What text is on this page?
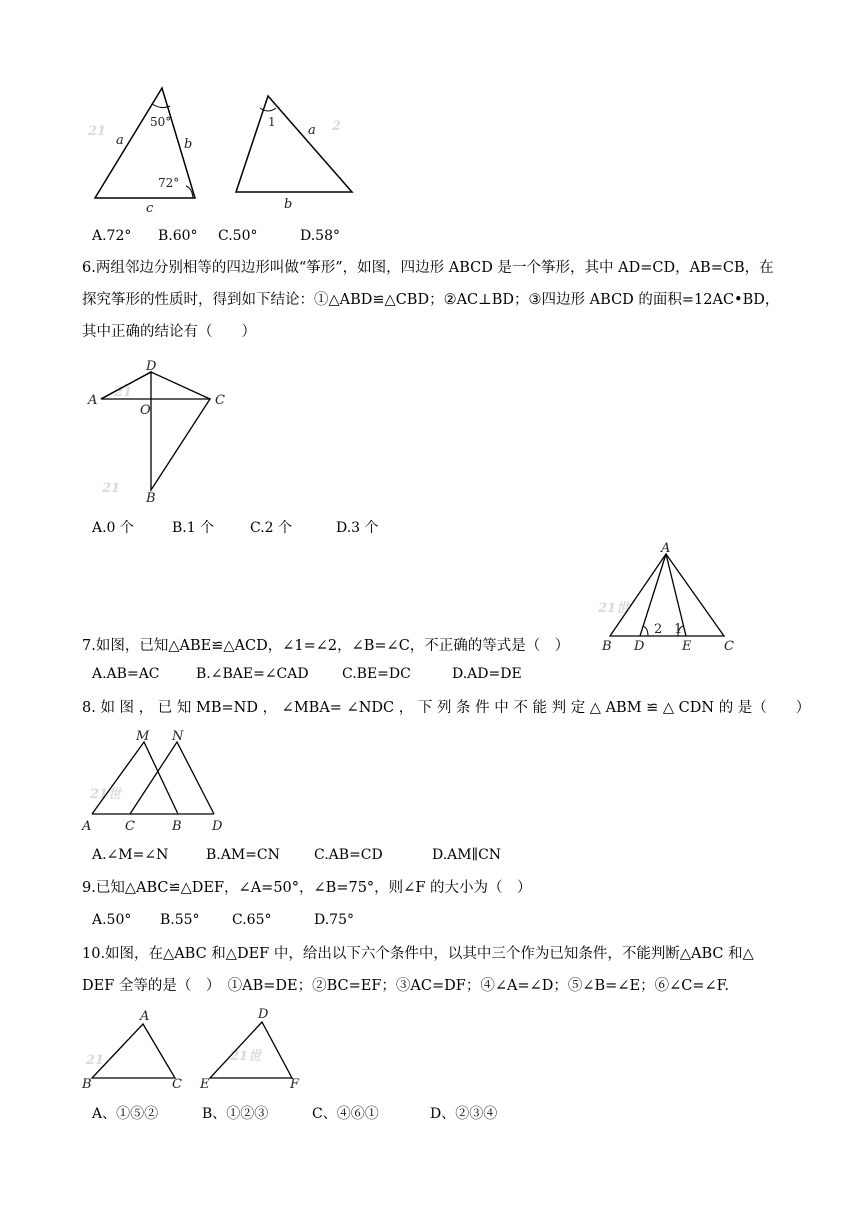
21
a	b
c
50°
72°
2
1
a
b
A.72° B.60° C.50°	D.58°
6.两组邻边分别相等的四边形叫做“筝形”，如图，四边形 ABCD 是一个筝形，其中 AD=CD，AB=CB，在
探究筝形的性质时，得到如下结论：①△ABD≌△CBD；②AC⊥BD；③四边形 ABCD 的面积=12AC•BD，
其中正确的结论有（　　）
21
21
D
A	C
O
B
A.0 个	B.1 个	C.2 个	D.3 个
21世
A
B D	E	C
2 1
7.如图，已知△ABE≌△ACD，∠1=∠2，∠B=∠C，不正确的等式是（　）
A.AB=AC	B.∠BAE=∠CAD C.BE=DC	D.AD=DE
8. 如 图 ， 已 知 MB=ND ， ∠MBA= ∠NDC ， 下 列 条 件 中 不 能 判 定 △ ABM ≌ △ CDN 的 是（　　）
21世
M N
A	C	B D
A.∠M=∠N	B.AM=CN C.AB=CD	D.AM∥CN
9.已知△ABC≌△DEF，∠A=50°，∠B=75°，则∠F 的大小为（　）
A.50° B.55° C.65°	D.75°
10.如图，在△ABC 和△DEF 中，给出以下六个条件中，以其中三个作为已知条件，不能判断△ABC 和△
DEF 全等的是（　）　①AB=DE；②BC=EF；③AC=DF；④∠A=∠D；⑤∠B=∠E；⑥∠C=∠F.
21	21世
A
B	C
D
E	F
A、①⑤②	B、①②③	C、④⑥①	D、②③④
